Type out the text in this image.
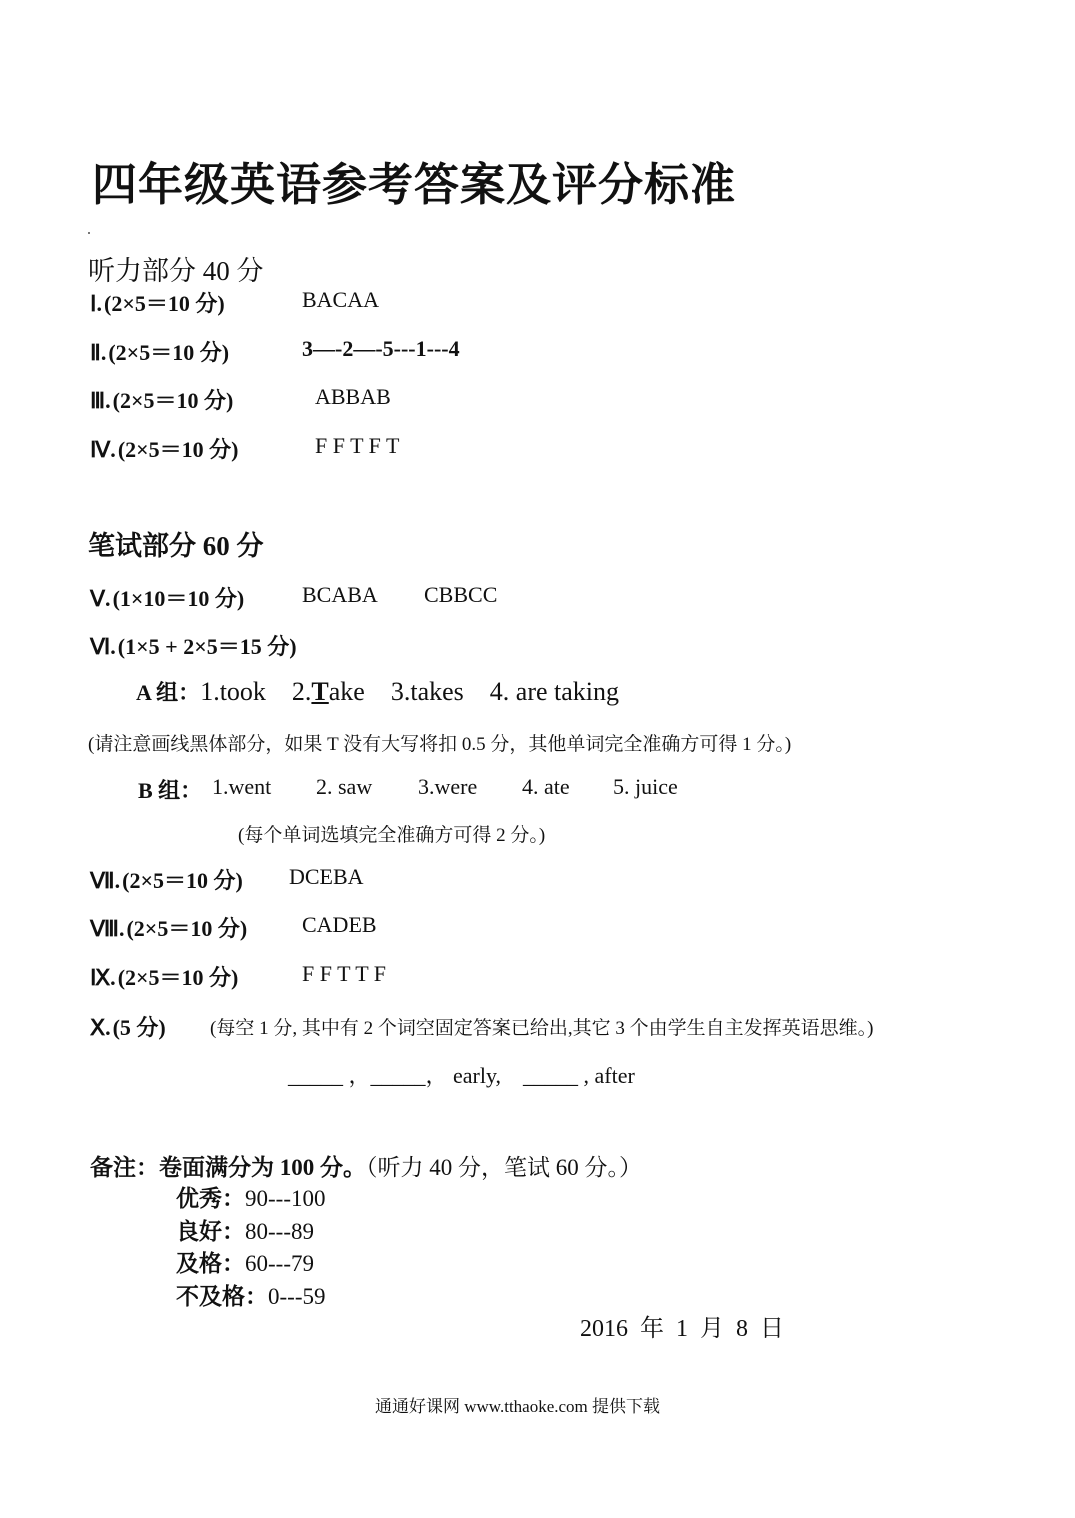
四年级英语参考答案及评分标准
听力部分 40 分
Ⅰ.(2×5＝10 分)	BACAA
Ⅱ.(2×5＝10 分)	3—-2—-5---1---4
Ⅲ.(2×5＝10 分)	ABBAB
Ⅳ.(2×5＝10 分)	F F T F T
笔试部分 60 分
Ⅴ.(1×10＝10 分)	BCABA CBBCC
Ⅵ.(1×5 + 2×5＝15 分)
A 组：1.took 2.Take 3.takes 4. are taking
(请注意画线黑体部分，如果 T 没有大写将扣 0.5 分，其他单词完全准确方可得 1 分。)
B 组： 1.went 2. saw 3.were 4. ate 5. juice
(每个单词选填完全准确方可得 2 分。)
Ⅶ.(2×5＝10 分) DCEBA
Ⅷ.(2×5＝10 分) CADEB
Ⅸ.(2×5＝10 分)	F F T T F
Ⅹ.(5 分) (每空 1 分, 其中有 2 个词空固定答案已给出,其它 3 个由学生自主发挥英语思维。)
_____ ，_____， early,    _____ , after
备注：卷面满分为 100 分。（听力 40 分，笔试 60 分。）
优秀：90---100
良好：80---89
及格：60---79
不及格：0---59
2016 年 1 月 8 日
通通好课网 www.tthaoke.com 提供下载
